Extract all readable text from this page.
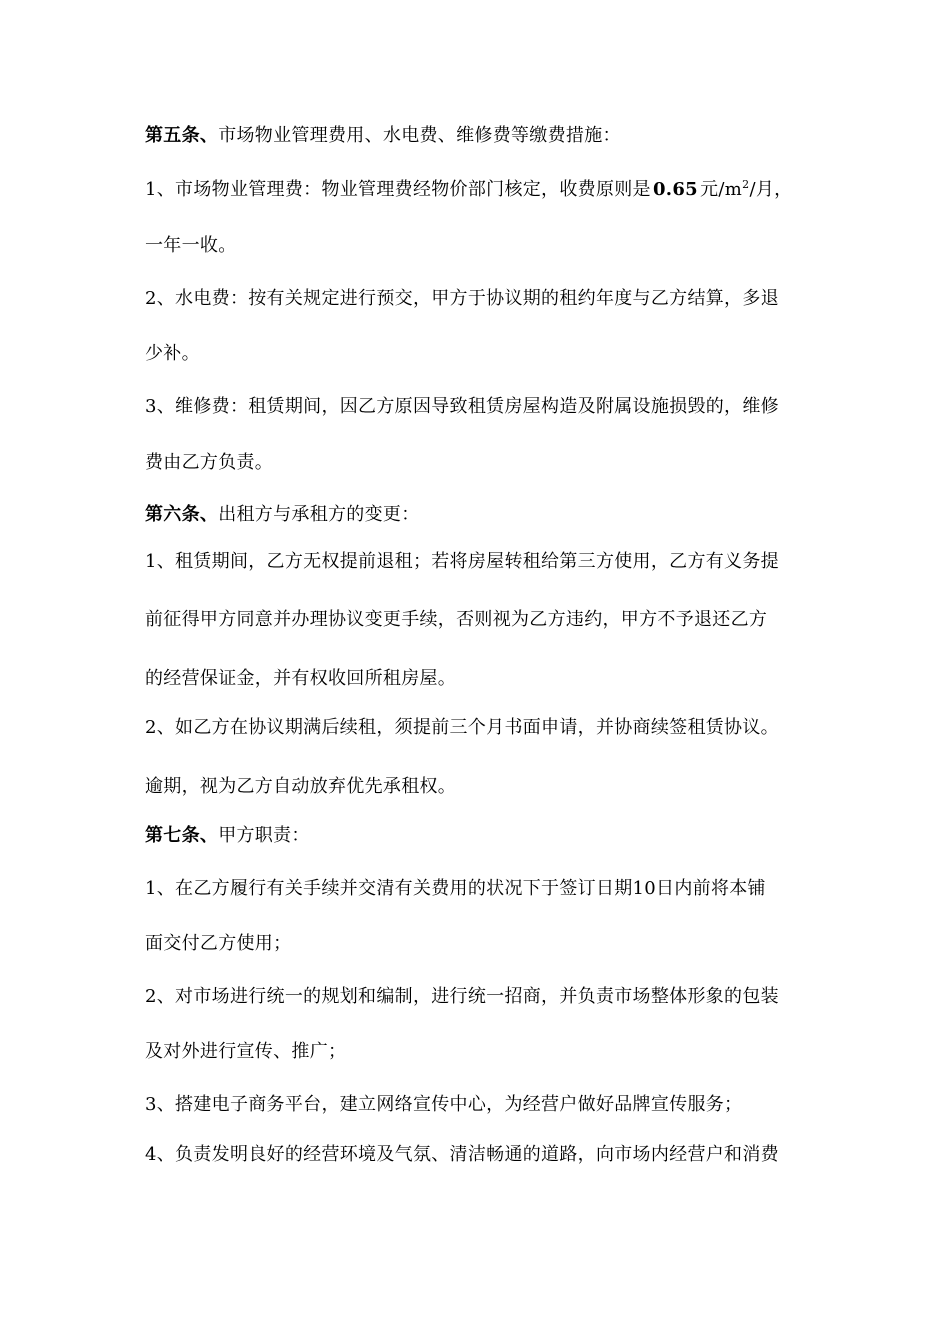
第五条、市场物业管理费用、水电费、维修费等缴费措施：
1、市场物业管理费：物业管理费经物价部门核定，收费原则是  0.65  元$/m^2/$月，
一年一收。
2、水电费：按有关规定进行预交，甲方于协议期的租约年度与乙方结算，多退
少补。
3、维修费：租赁期间，因乙方原因导致租赁房屋构造及附属设施损毁的，维修
费由乙方负责。
第六条、出租方与承租方的变更：
1、租赁期间，乙方无权提前退租；若将房屋转租给第三方使用，乙方有义务提
前征得甲方同意并办理协议变更手续，否则视为乙方违约，甲方不予退还乙方
的经营保证金，并有权收回所租房屋。
2、如乙方在协议期满后续租，须提前三个月书面申请，并协商续签租赁协议。
逾期，视为乙方自动放弃优先承租权。
第七条、甲方职责：
1、在乙方履行有关手续并交清有关费用的状况下于签订日期10日内前将本铺
面交付乙方使用；
2、对市场进行统一的规划和编制，进行统一招商，并负责市场整体形象的包装
及对外进行宣传、推广；
3、搭建电子商务平台，建立网络宣传中心，为经营户做好品牌宣传服务；
4、负责发明良好的经营环境及气氛、清洁畅通的道路，向市场内经营户和消费
